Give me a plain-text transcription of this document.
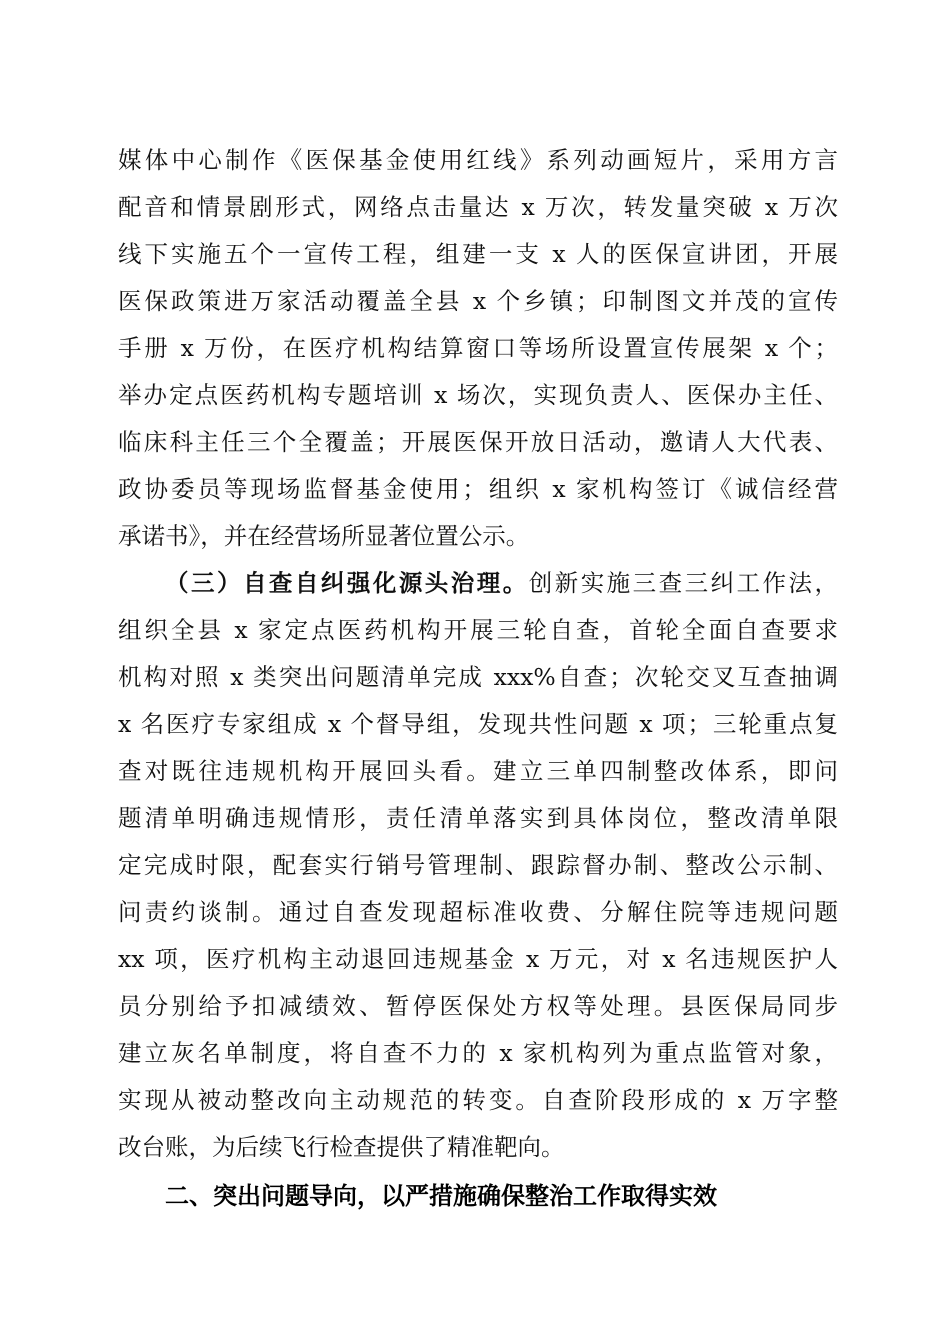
媒体中心制作《医保基金使用红线》系列动画短片，采用方言

配音和情景剧形式，网络点击量达 x 万次，转发量突破 x 万次

线下实施五个一宣传工程，组建一支 x 人的医保宣讲团，开展

医保政策进万家活动覆盖全县 x 个乡镇；印制图文并茂的宣传

手册 x 万份，在医疗机构结算窗口等场所设置宣传展架 x 个；

举办定点医药机构专题培训 x 场次，实现负责人、医保办主任、

临床科主任三个全覆盖；开展医保开放日活动，邀请人大代表、

政协委员等现场监督基金使用；组织 x 家机构签订《诚信经营

承诺书》，并在经营场所显著位置公示。

（三）自查自纠强化源头治理。创新实施三查三纠工作法，

组织全县 x 家定点医药机构开展三轮自查，首轮全面自查要求

机构对照 x 类突出问题清单完成 xxx%自查；次轮交叉互查抽调

x 名医疗专家组成 x 个督导组，发现共性问题 x 项；三轮重点复

查对既往违规机构开展回头看。建立三单四制整改体系，即问

题清单明确违规情形，责任清单落实到具体岗位，整改清单限

定完成时限，配套实行销号管理制、跟踪督办制、整改公示制、

问责约谈制。通过自查发现超标准收费、分解住院等违规问题

xx 项，医疗机构主动退回违规基金 x 万元，对 x 名违规医护人

员分别给予扣减绩效、暂停医保处方权等处理。县医保局同步

建立灰名单制度，将自查不力的 x 家机构列为重点监管对象，

实现从被动整改向主动规范的转变。自查阶段形成的 x 万字整

改台账，为后续飞行检查提供了精准靶向。

二、突出问题导向，以严措施确保整治工作取得实效
